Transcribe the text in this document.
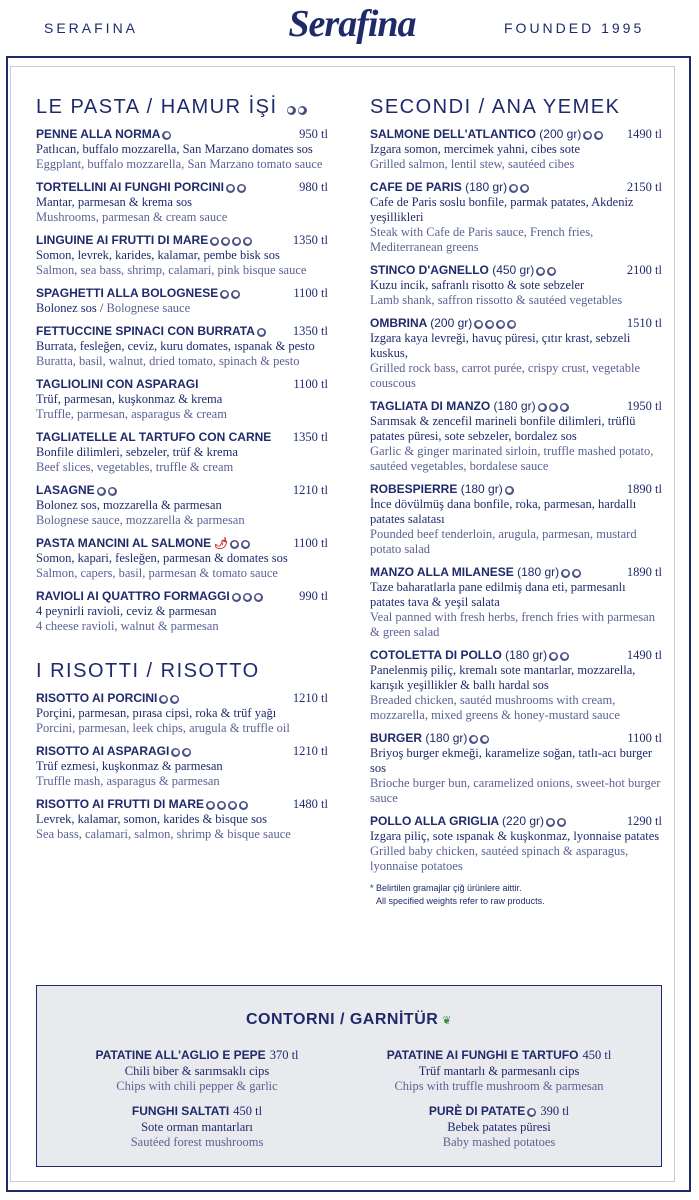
SERAFINA	Serafina	FOUNDED 1995
LE PASTA / HAMUR İŞİ ● ●
PENNE ALLA NORMA ●	950 tl
Patlıcan, buffalo mozzarella, San Marzano domates sos
Eggplant, buffalo mozzarella, San Marzano tomato sauce
TORTELLINI AI FUNGHI PORCINI ● ●	980 tl
Mantar, parmesan & krema sos
Mushrooms, parmesan & cream sauce
LINGUINE AI FRUTTI DI MARE ● ● ● ●	1350 tl
Somon, levrek, karides, kalamar, pembe bisk sos
Salmon, sea bass, shrimp, calamari, pink bisque sauce
SPAGHETTI ALLA BOLOGNESE ● ●	1100 tl
Bolonez sos / Bolognese sauce
FETTUCCINE SPINACI CON BURRATA ● 1350 tl
Burrata, fesleğen, ceviz, kuru domates, ıspanak & pesto
Buratta, basil, walnut, dried tomato, spinach & pesto
TAGLIOLINI CON ASPARAGI	1100 tl
Trüf, parmesan, kuşkonmaz & krema
Truffle, parmesan, asparagus & cream
TAGLIATELLE AL TARTUFO CON CARNE 1350 tl
Bonfile dilimleri, sebzeler, trüf & krema
Beef slices, vegetables, truffle & cream
LASAGNE ● ●	1210 tl
Bolonez sos, mozzarella & parmesan
Bolognese sauce, mozzarella & parmesan
PASTA MANCINI AL SALMONE 🌶 ● ●	1100 tl
Somon, kapari, fesleğen, parmesan & domates sos
Salmon, capers, basil, parmesan & tomato sauce
RAVIOLI AI QUATTRO FORMAGGI ● ● ●	990 tl
4 peynirli ravioli, ceviz & parmesan
4 cheese ravioli, walnut & parmesan
I RISOTTI / RISOTTO
RISOTTO AI PORCINI ● ●	1210 tl
Porçini, parmesan, pırasa cipsi, roka & trüf yağı
Porcini, parmesan, leek chips, arugula & truffle oil
RISOTTO AI ASPARAGI ● ●	1210 tl
Trüf ezmesi, kuşkonmaz & parmesan
Truffle mash, asparagus & parmesan
RISOTTO AI FRUTTI DI MARE ● ● ● ●	1480 tl
Levrek, kalamar, somon, karides & bisque sos
Sea bass, calamari, salmon, shrimp & bisque sauce
SECONDI / ANA YEMEK
SALMONE DELL'ATLANTICO (200 gr) ● ● 1490 tl
Izgara somon, mercimek yahni, cibes sote
Grilled salmon, lentil stew, sautéed cibes
CAFE DE PARIS (180 gr) ● ●	2150 tl
Cafe de Paris soslu bonfile, parmak patates, Akdeniz yeşillikleri
Steak with Cafe de Paris sauce, French fries, Mediterranean greens
STINCO D'AGNELLO (450 gr) ● ●	2100 tl
Kuzu incik, safranlı risotto & sote sebzeler
Lamb shank, saffron rissotto & sautéed vegetables
OMBRINA (200 gr) ● ● ● ●	1510 tl
Izgara kaya levreği, havuç püresi, çıtır krast, sebzeli kuskus,
Grilled rock bass, carrot purée, crispy crust, vegetable couscous
TAGLIATA DI MANZO (180 gr) ● ● ●	1950 tl
Sarımsak & zencefil marineli bonfile dilimleri, trüflü patates püresi, sote sebzeler, bordalez sos
Garlic & ginger marinated sirloin, truffle mashed potato, sautéed vegetables, bordalese sauce
ROBESPIERRE (180 gr) ●	1890 tl
İnce dövülmüş dana bonfile, roka, parmesan, hardallı patates salatası
Pounded beef tenderloin, arugula, parmesan, mustard potato salad
MANZO ALLA MILANESE (180 gr) ● ●	1890 tl
Taze baharatlarla pane edilmiş dana eti, parmesanlı patates tava & yeşil salata
Veal panned with fresh herbs, french fries with parmesan & green salad
COTOLETTA DI POLLO (180 gr) ● ●	1490 tl
Panelenmiş piliç, kremalı sote mantarlar, mozzarella, karışık yeşillikler & ballı hardal sos
Breaded chicken, sautéd mushrooms with cream, mozzarella, mixed greens & honey-mustard sauce
BURGER (180 gr) ● ●	1100 tl
Briyoş burger ekmeği, karamelize soğan, tatlı-acı burger sos
Brioche burger bun, caramelized onions, sweet-hot burger sauce
POLLO ALLA GRIGLIA (220 gr) ● ●	1290 tl
Izgara piliç, sote ıspanak & kuşkonmaz, lyonnaise patates
Grilled baby chicken, sautéed spinach & asparagus, lyonnaise potatoes
* Belirtilen gramajlar çiğ ürünlere aittir.
All specified weights refer to raw products.
CONTORNI / GARNİTÜR ❦
PATATINE ALL'AGLIO E PEPE 370 tl
Chili biber & sarımsaklı cips
Chips with chili pepper & garlic
PATATINE AI FUNGHI E TARTUFO 450 tl
Trüf mantarlı & parmesanlı cips
Chips with truffle mushroom & parmesan
FUNGHI SALTATI 450 tl
Sote orman mantarları
Sautéed forest mushrooms
PURÈ DI PATATE ● 390 tl
Bebek patates püresi
Baby mashed potatoes
